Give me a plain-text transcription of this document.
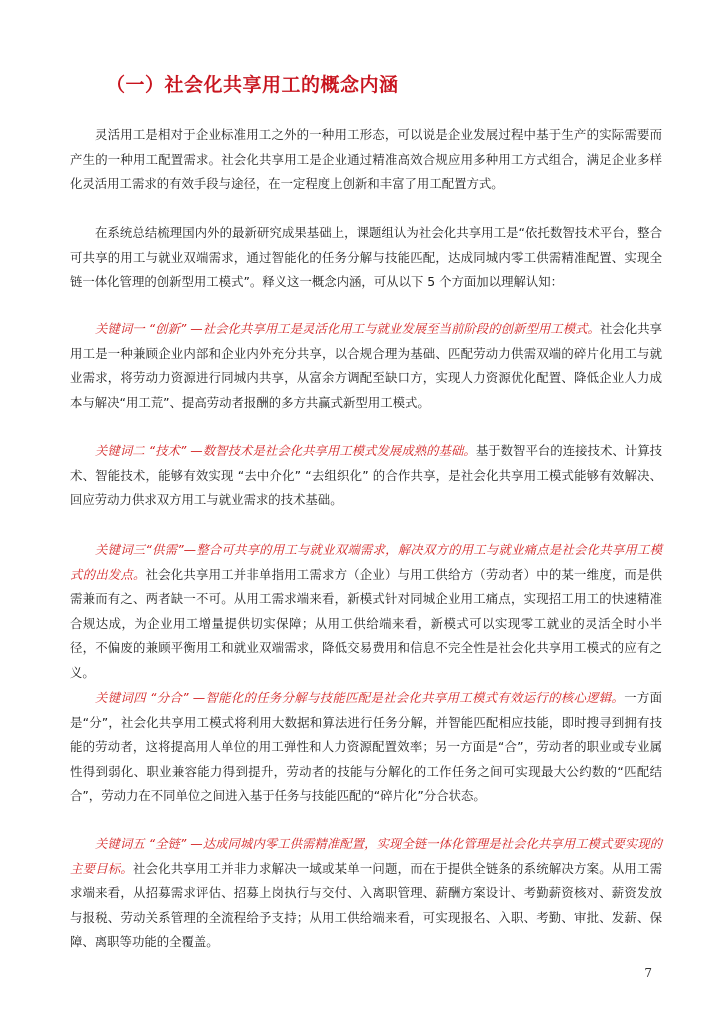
（一）社会化共享用工的概念内涵

灵活用工是相对于企业标准用工之外的一种用工形态，可以说是企业发展过程中基于生产的实际需要而产生的一种用工配置需求。社会化共享用工是企业通过精准高效合规应用多种用工方式组合，满足企业多样化灵活用工需求的有效手段与途径，在一定程度上创新和丰富了用工配置方式。

在系统总结梳理国内外的最新研究成果基础上，课题组认为社会化共享用工是“依托数智技术平台，整合可共享的用工与就业双端需求，通过智能化的任务分解与技能匹配，达成同城内零工供需精准配置、实现全链一体化管理的创新型用工模式”。释义这一概念内涵，可从以下 5 个方面加以理解认知：

关键词一 “创新” —社会化共享用工是灵活化用工与就业发展至当前阶段的创新型用工模式。社会化共享用工是一种兼顾企业内部和企业内外充分共享，以合规合理为基础、匹配劳动力供需双端的碎片化用工与就业需求，将劳动力资源进行同城内共享，从富余方调配至缺口方，实现人力资源优化配置、降低企业人力成本与解决“用工荒”、提高劳动者报酬的多方共赢式新型用工模式。

关键词二 “技术” —数智技术是社会化共享用工模式发展成熟的基础。基于数智平台的连接技术、计算技术、智能技术，能够有效实现 “去中介化” “去组织化” 的合作共享，是社会化共享用工模式能够有效解决、回应劳动力供求双方用工与就业需求的技术基础。

关键词三“供需”—整合可共享的用工与就业双端需求，解决双方的用工与就业痛点是社会化共享用工模式的出发点。社会化共享用工并非单指用工需求方（企业）与用工供给方（劳动者）中的某一维度，而是供需兼而有之、两者缺一不可。从用工需求端来看，新模式针对同城企业用工痛点，实现招工用工的快速精准合规达成，为企业用工增量提供切实保障；从用工供给端来看，新模式可以实现零工就业的灵活全时小半径，不偏废的兼顾平衡用工和就业双端需求，降低交易费用和信息不完全性是社会化共享用工模式的应有之义。

关键词四 “分合” —智能化的任务分解与技能匹配是社会化共享用工模式有效运行的核心逻辑。一方面是“分”，社会化共享用工模式将利用大数据和算法进行任务分解，并智能匹配相应技能，即时搜寻到拥有技能的劳动者，这将提高用人单位的用工弹性和人力资源配置效率；另一方面是“合”，劳动者的职业或专业属性得到弱化、职业兼容能力得到提升，劳动者的技能与分解化的工作任务之间可实现最大公约数的“匹配结合”，劳动力在不同单位之间进入基于任务与技能匹配的“碎片化”分合状态。

关键词五 “全链” —达成同城内零工供需精准配置，实现全链一体化管理是社会化共享用工模式要实现的主要目标。社会化共享用工并非力求解决一域或某单一问题，而在于提供全链条的系统解决方案。从用工需求端来看，从招募需求评估、招募上岗执行与交付、入离职管理、薪酬方案设计、考勤薪资核对、薪资发放与报税、劳动关系管理的全流程给予支持；从用工供给端来看，可实现报名、入职、考勤、审批、发薪、保障、离职等功能的全覆盖。

7
